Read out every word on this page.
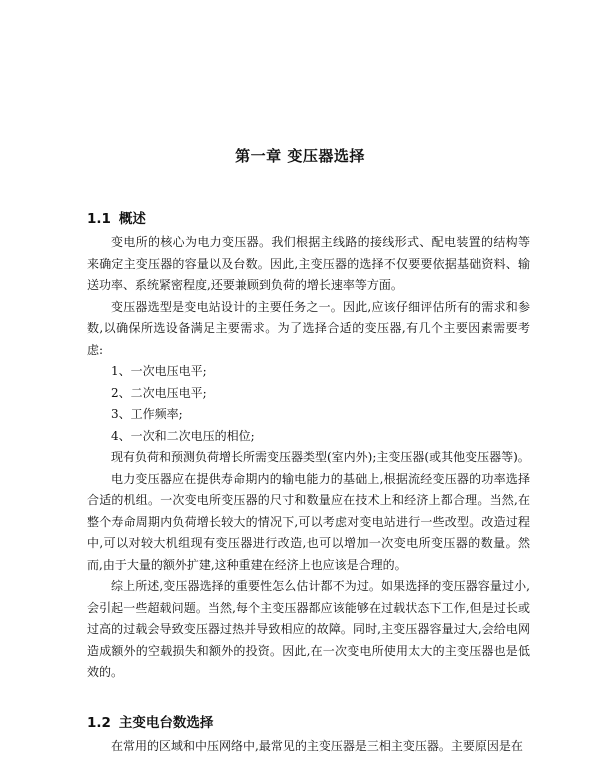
第一章 变压器选择
1.1 概述

变电所的核心为电力变压器。我们根据主线路的接线形式、配电装置的结构等来确定主变压器的容量以及台数。因此,主变压器的选择不仅要要依据基础资料、输送功率、系统紧密程度,还要兼顾到负荷的增长速率等方面。

变压器选型是变电站设计的主要任务之一。因此,应该仔细评估所有的需求和参数,以确保所选设备满足主要需求。为了选择合适的变压器,有几个主要因素需要考虑:

1、一次电压电平;

2、二次电压电平;

3、工作频率;

4、一次和二次电压的相位;

现有负荷和预测负荷增长所需变压器类型(室内外);主变压器(或其他变压器等)。

电力变压器应在提供寿命期内的输电能力的基础上,根据流经变压器的功率选择合适的机组。一次变电所变压器的尺寸和数量应在技术上和经济上都合理。当然,在整个寿命周期内负荷增长较大的情况下,可以考虑对变电站进行一些改型。改造过程中,可以对较大机组现有变压器进行改造,也可以增加一次变电所变压器的数量。然而,由于大量的额外扩建,这种重建在经济上也应该是合理的。

综上所述,变压器选择的重要性怎么估计都不为过。如果选择的变压器容量过小,会引起一些超载问题。当然,每个主变压器都应该能够在过载状态下工作,但是过长或过高的过载会导致变压器过热并导致相应的故障。同时,主变压器容量过大,会给电网造成额外的空载损失和额外的投资。因此,在一次变电所使用太大的主变压器也是低效的。

1.2 主变电台数选择

在常用的区域和中压网络中,最常见的主变压器是三相主变压器。主要原因是在
